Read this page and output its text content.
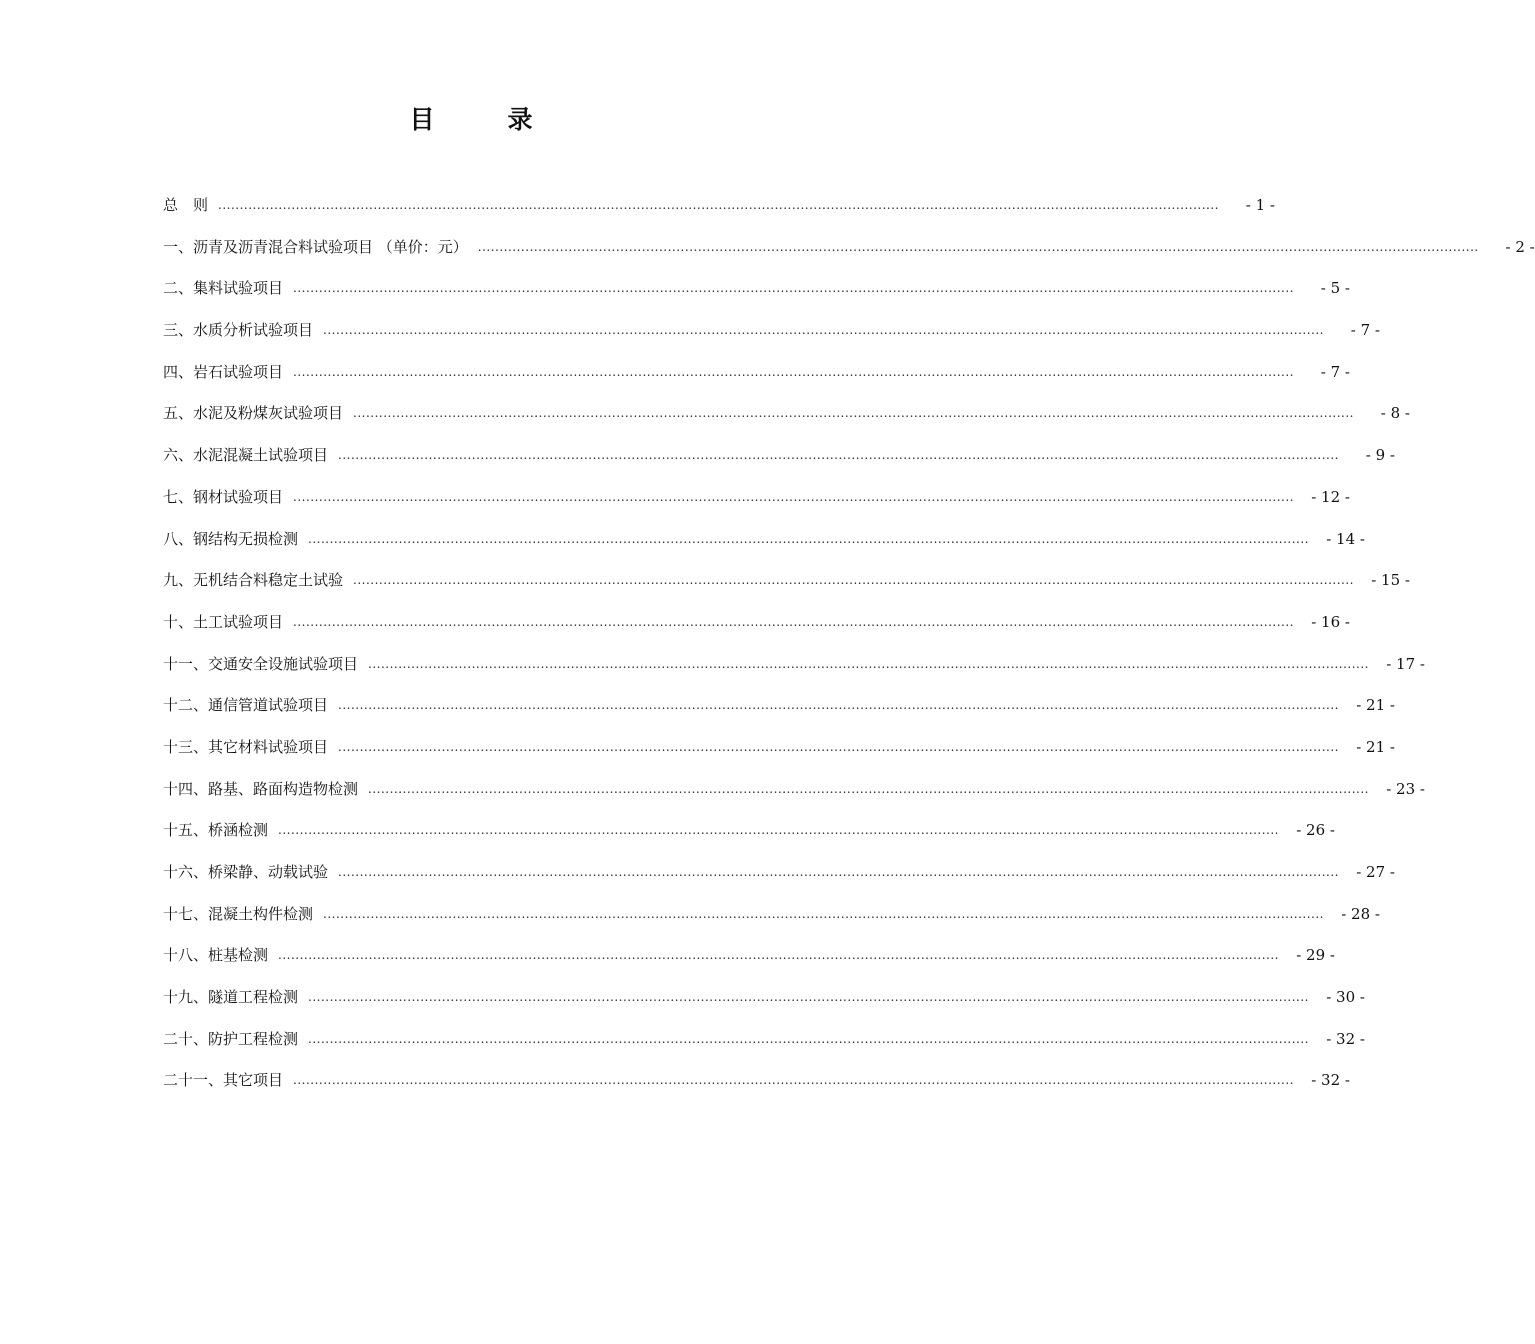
目　录
总　则 ........................................................................................................................................................................................................................................	- 1 -
一、沥青及沥青混合料试验项目 （单价：元） ........................................................................................................................................................................................................................................	- 2 -
二、集料试验项目 ........................................................................................................................................................................................................................................	- 5 -
三、水质分析试验项目 ........................................................................................................................................................................................................................................	- 7 -
四、岩石试验项目 ........................................................................................................................................................................................................................................	- 7 -
五、水泥及粉煤灰试验项目 ........................................................................................................................................................................................................................................	- 8 -
六、水泥混凝土试验项目 ........................................................................................................................................................................................................................................	- 9 -
七、钢材试验项目 ........................................................................................................................................................................................................................................ - 12 -
八、钢结构无损检测 ........................................................................................................................................................................................................................................ - 14 -
九、无机结合料稳定土试验 ........................................................................................................................................................................................................................................ - 15 -
十、土工试验项目 ........................................................................................................................................................................................................................................ - 16 -
十一、交通安全设施试验项目 ........................................................................................................................................................................................................................................ - 17 -
十二、通信管道试验项目 ........................................................................................................................................................................................................................................ - 21 -
十三、其它材料试验项目 ........................................................................................................................................................................................................................................ - 21 -
十四、路基、路面构造物检测 ........................................................................................................................................................................................................................................ - 23 -
十五、桥涵检测 ........................................................................................................................................................................................................................................ - 26 -
十六、桥梁静、动载试验 ........................................................................................................................................................................................................................................ - 27 -
十七、混凝土构件检测 ........................................................................................................................................................................................................................................ - 28 -
十八、桩基检测 ........................................................................................................................................................................................................................................ - 29 -
十九、隧道工程检测 ........................................................................................................................................................................................................................................ - 30 -
二十、防护工程检测 ........................................................................................................................................................................................................................................ - 32 -
二十一、其它项目 ........................................................................................................................................................................................................................................ - 32 -
